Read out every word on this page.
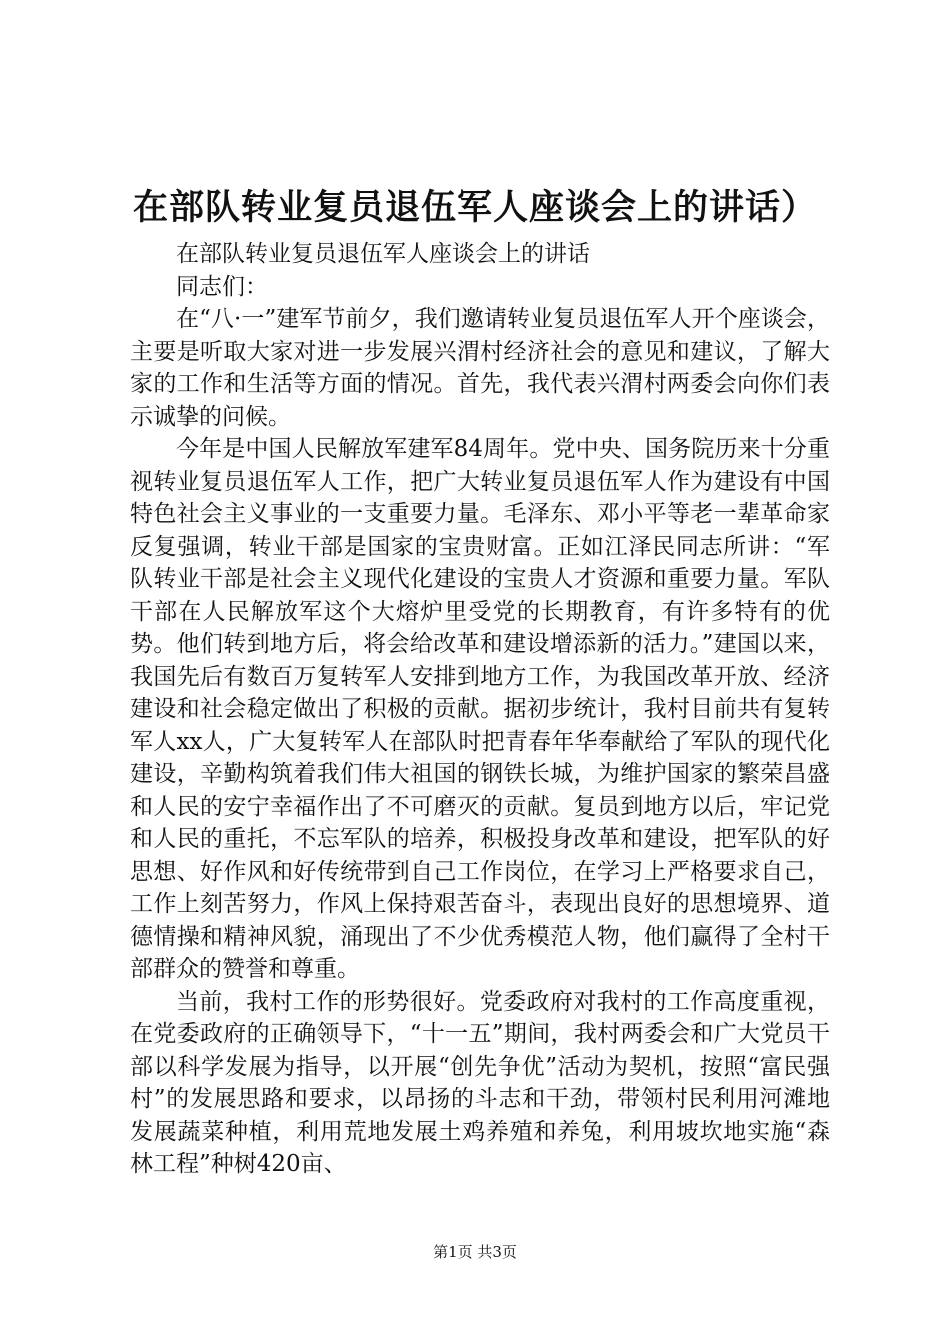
在部队转业复员退伍军人座谈会上的讲话）

在部队转业复员退伍军人座谈会上的讲话

同志们：

在“八·一”建军节前夕，我们邀请转业复员退伍军人开个座谈会，主要是听取大家对进一步发展兴渭村经济社会的意见和建议，了解大家的工作和生活等方面的情况。首先，我代表兴渭村两委会向你们表示诚挚的问候。

今年是中国人民解放军建军84周年。党中央、国务院历来十分重视转业复员退伍军人工作，把广大转业复员退伍军人作为建设有中国特色社会主义事业的一支重要力量。毛泽东、邓小平等老一辈革命家反复强调，转业干部是国家的宝贵财富。正如江泽民同志所讲：“军队转业干部是社会主义现代化建设的宝贵人才资源和重要力量。军队干部在人民解放军这个大熔炉里受党的长期教育，有许多特有的优势。他们转到地方后，将会给改革和建设增添新的活力。”建国以来，我国先后有数百万复转军人安排到地方工作，为我国改革开放、经济建设和社会稳定做出了积极的贡献。据初步统计，我村目前共有复转军人xx人，广大复转军人在部队时把青春年华奉献给了军队的现代化建设，辛勤构筑着我们伟大祖国的钢铁长城，为维护国家的繁荣昌盛和人民的安宁幸福作出了不可磨灭的贡献。复员到地方以后，牢记党和人民的重托，不忘军队的培养，积极投身改革和建设，把军队的好思想、好作风和好传统带到自己工作岗位，在学习上严格要求自己，工作上刻苦努力，作风上保持艰苦奋斗，表现出良好的思想境界、道德情操和精神风貌，涌现出了不少优秀模范人物，他们赢得了全村干部群众的赞誉和尊重。

当前，我村工作的形势很好。党委政府对我村的工作高度重视，在党委政府的正确领导下，“十一五”期间，我村两委会和广大党员干部以科学发展为指导，以开展“创先争优”活动为契机，按照“富民强村”的发展思路和要求，以昂扬的斗志和干劲，带领村民利用河滩地发展蔬菜种植，利用荒地发展土鸡养殖和养兔，利用坡坎地实施“森林工程”种树420亩、

第1页 共3页
